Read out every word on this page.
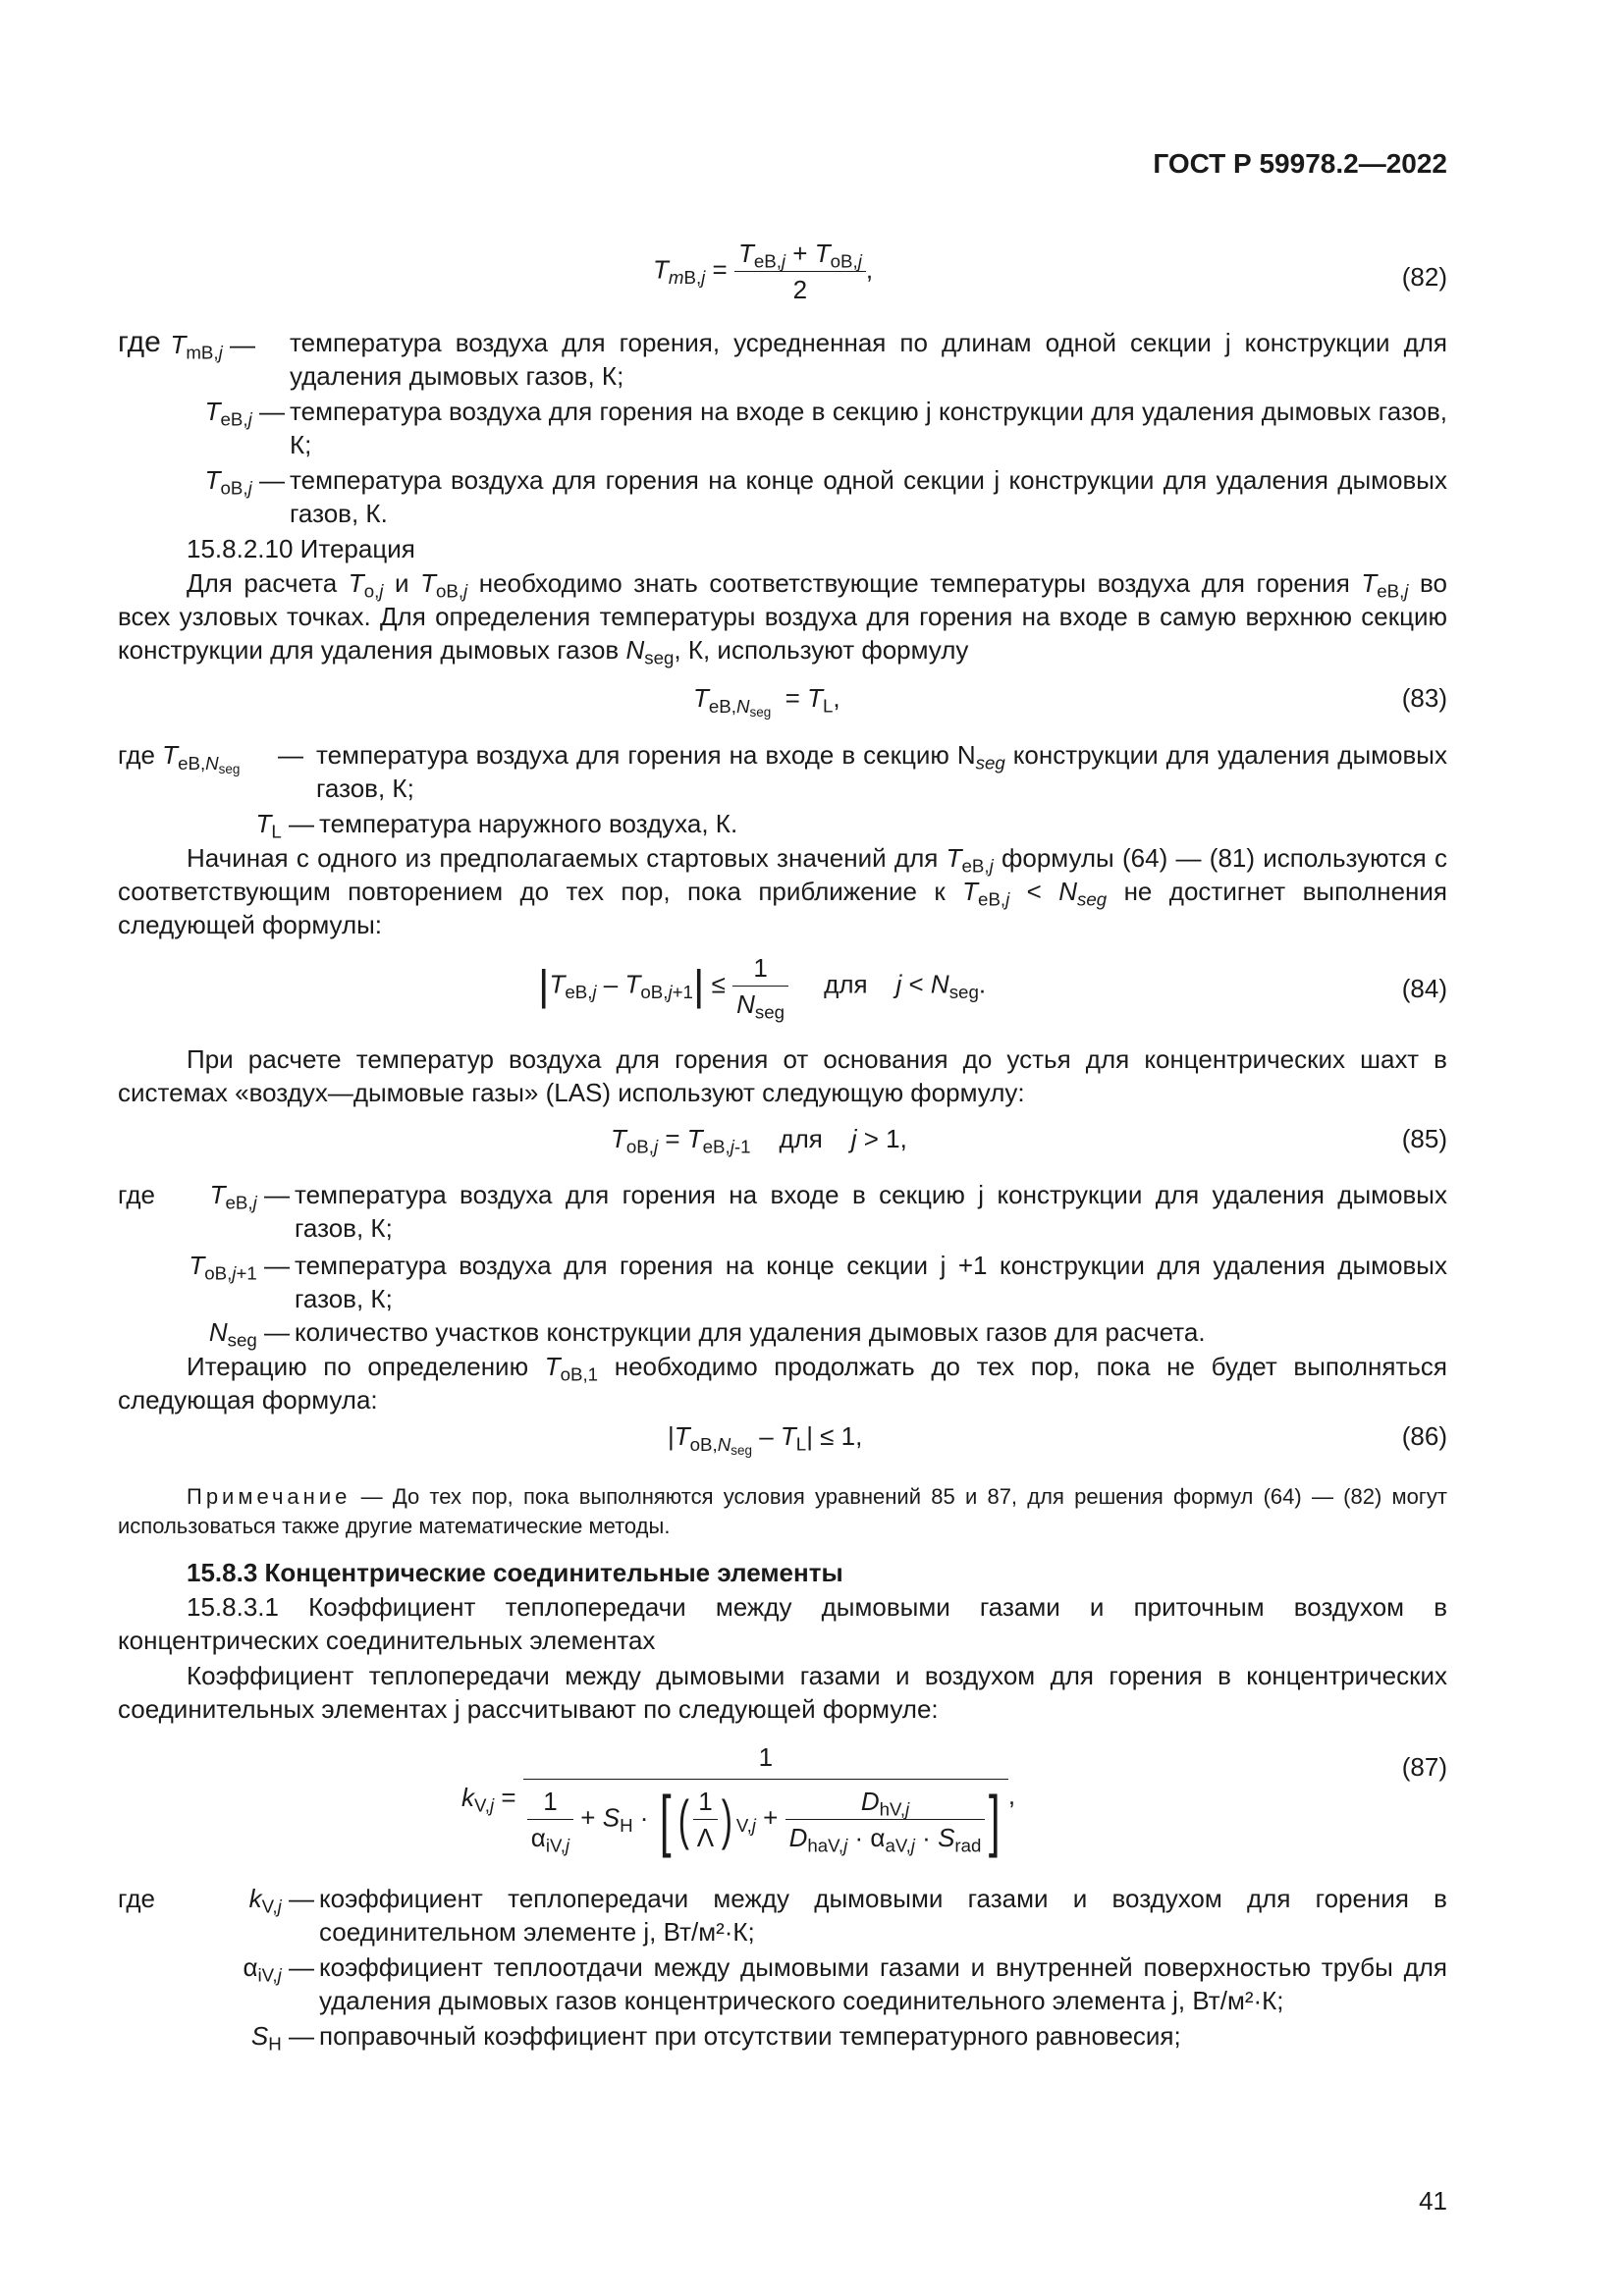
ГОСТ Р 59978.2—2022
$T_{mB,j} = \frac{T_{eB,j} + T_{oB,j}}{2}$ ,	(82)
где $T_{mB,j}$ — температура воздуха для горения, усредненная по длинам одной секции j конструкции для удаления дымовых газов, К;
$T_{eB,j}$ — температура воздуха для горения на входе в секцию j конструкции для удаления дымовых газов, К;
$T_{oB,j}$ — температура воздуха для горения на конце одной секции j конструкции для удаления дымовых газов, К.
15.8.2.10 Итерация
Для расчета $T_{o,j}$ и $T_{oB,j}$ необходимо знать соответствующие температуры воздуха для горения $T_{eB,j}$ во всех узловых точках. Для определения температуры воздуха для горения на входе в самую верхнюю секцию конструкции для удаления дымовых газов $N_{seg}$, К, используют формулу
$T_{eB,N_{seg}} = T_L$,	(83)
где $T_{eB,N_{seg}}$ — температура воздуха для горения на входе в секцию $N_{seg}$ конструкции для удаления дымовых газов, К;
$T_L$ — температура наружного воздуха, К.
Начиная с одного из предполагаемых стартовых значений для $T_{eB,j}$ формулы (64) — (81) используются с соответствующим повторением до тех пор, пока приближение к $T_{eB,j} < N_{seg}$ не достигнет выполнения следующей формулы:
$|T_{eB,j} - T_{oB,j+1}| \le \frac{1}{N_{seg}}$ для $j < N_{seg}$.	(84)
При расчете температур воздуха для горения от основания до устья для концентрических шахт в системах «воздух—дымовые газы» (LAS) используют следующую формулу:
$T_{oB,j} = T_{eB,j-1}$ для j > 1,	(85)
где	$T_{eB,j}$ — температура воздуха для горения на входе в секцию j конструкции для удаления дымовых газов, К;
$T_{oB,j+1}$ — температура воздуха для горения на конце секции j +1 конструкции для удаления дымовых газов, К;
$N_{seg}$ — количество участков конструкции для удаления дымовых газов для расчета.
Итерацию по определению $T_{oB,1}$ необходимо продолжать до тех пор, пока не будет выполняться следующая формула:
$|T_{oB,N_{seg}} - T_L| \le 1$,	(86)
Примечание — До тех пор, пока выполняются условия уравнений 85 и 87, для решения формул (64) — (82) могут использоваться также другие математические методы.
15.8.3 Концентрические соединительные элементы
15.8.3.1 Коэффициент теплопередачи между дымовыми газами и приточным воздухом в концентрических соединительных элементах
Коэффициент теплопередачи между дымовыми газами и воздухом для горения в концентрических соединительных элементах j рассчитывают по следующей формуле:
$k_{V,j}$ =
1
$\frac{1}{\alpha_{iV,j}} + S_H$ · [ ( $\frac{1}{\Lambda}$ ) $_{V,j} + \frac{D_{hV,j}}{D_{haV,j} \cdot \alpha_{aV,j} \cdot S_{rad}}$ ] ,
(87)
где	$k_{V,j}$ — коэффициент теплопередачи между дымовыми газами и воздухом для горения в соединительном элементе j, Вт/м²·К;
$\alpha_{iV,j}$ — коэффициент теплоотдачи между дымовыми газами и внутренней поверхностью трубы для удаления дымовых газов концентрического соединительного элемента j, Вт/м²·К;
$S_H$ — поправочный коэффициент при отсутствии температурного равновесия;
41
